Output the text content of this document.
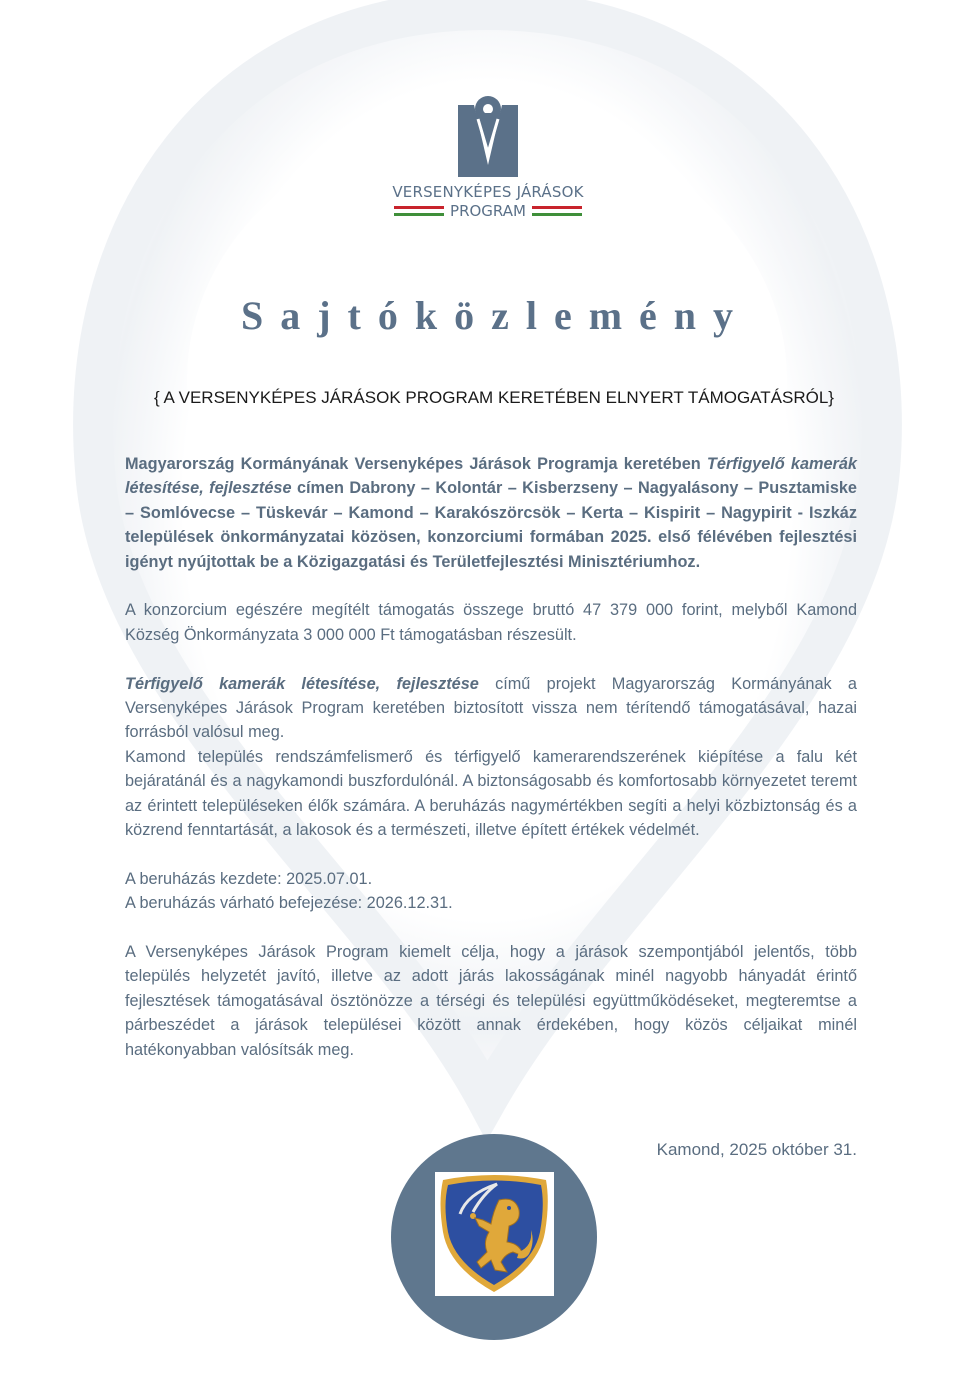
VERSENYKÉPES JÁRÁSOK
PROGRAM
Sajtóközlemény
{ A VERSENYKÉPES JÁRÁSOK PROGRAM KERETÉBEN ELNYERT TÁMOGATÁSRÓL}

Magyarország Kormányának Versenyképes Járások Programja keretében Térfigyelő kamerák létesítése, fejlesztése címen Dabrony – Kolontár – Kisberzseny – Nagyalásony – Pusztamiske – Somlóvecse – Tüskevár – Kamond – Karakószörcsök – Kerta – Kispirit – Nagypirit - Iszkáz települések önkormányzatai közösen, konzorciumi formában 2025. első félévében fejlesztési igényt nyújtottak be a Közigazgatási és Területfejlesztési Minisztériumhoz.

A konzorcium egészére megítélt támogatás összege bruttó 47 379 000 forint, melyből Kamond Község Önkormányzata 3 000 000 Ft támogatásban részesült.

Térfigyelő kamerák létesítése, fejlesztése című projekt Magyarország Kormányának a Versenyképes Járások Program keretében biztosított vissza nem térítendő támogatásával, hazai forrásból valósul meg.

Kamond település rendszámfelismerő és térfigyelő kamerarendszerének kiépítése a falu két bejáratánál és a nagykamondi buszfordulónál. A biztonságosabb és komfortosabb környezetet teremt az érintett településeken élők számára. A beruházás nagymértékben segíti a helyi közbiztonság és a közrend fenntartását, a lakosok és a természeti, illetve épített értékek védelmét.

A beruházás kezdete: 2025.07.01.

A beruházás várható befejezése: 2026.12.31.

A Versenyképes Járások Program kiemelt célja, hogy a járások szempontjából jelentős, több település helyzetét javító, illetve az adott járás lakosságának minél nagyobb hányadát érintő fejlesztések támogatásával ösztönözze a térségi és települési együttműködéseket, megteremtse a párbeszédet a járások települései között annak érdekében, hogy közös céljaikat minél hatékonyabban valósítsák meg.

Kamond, 2025 október 31.
